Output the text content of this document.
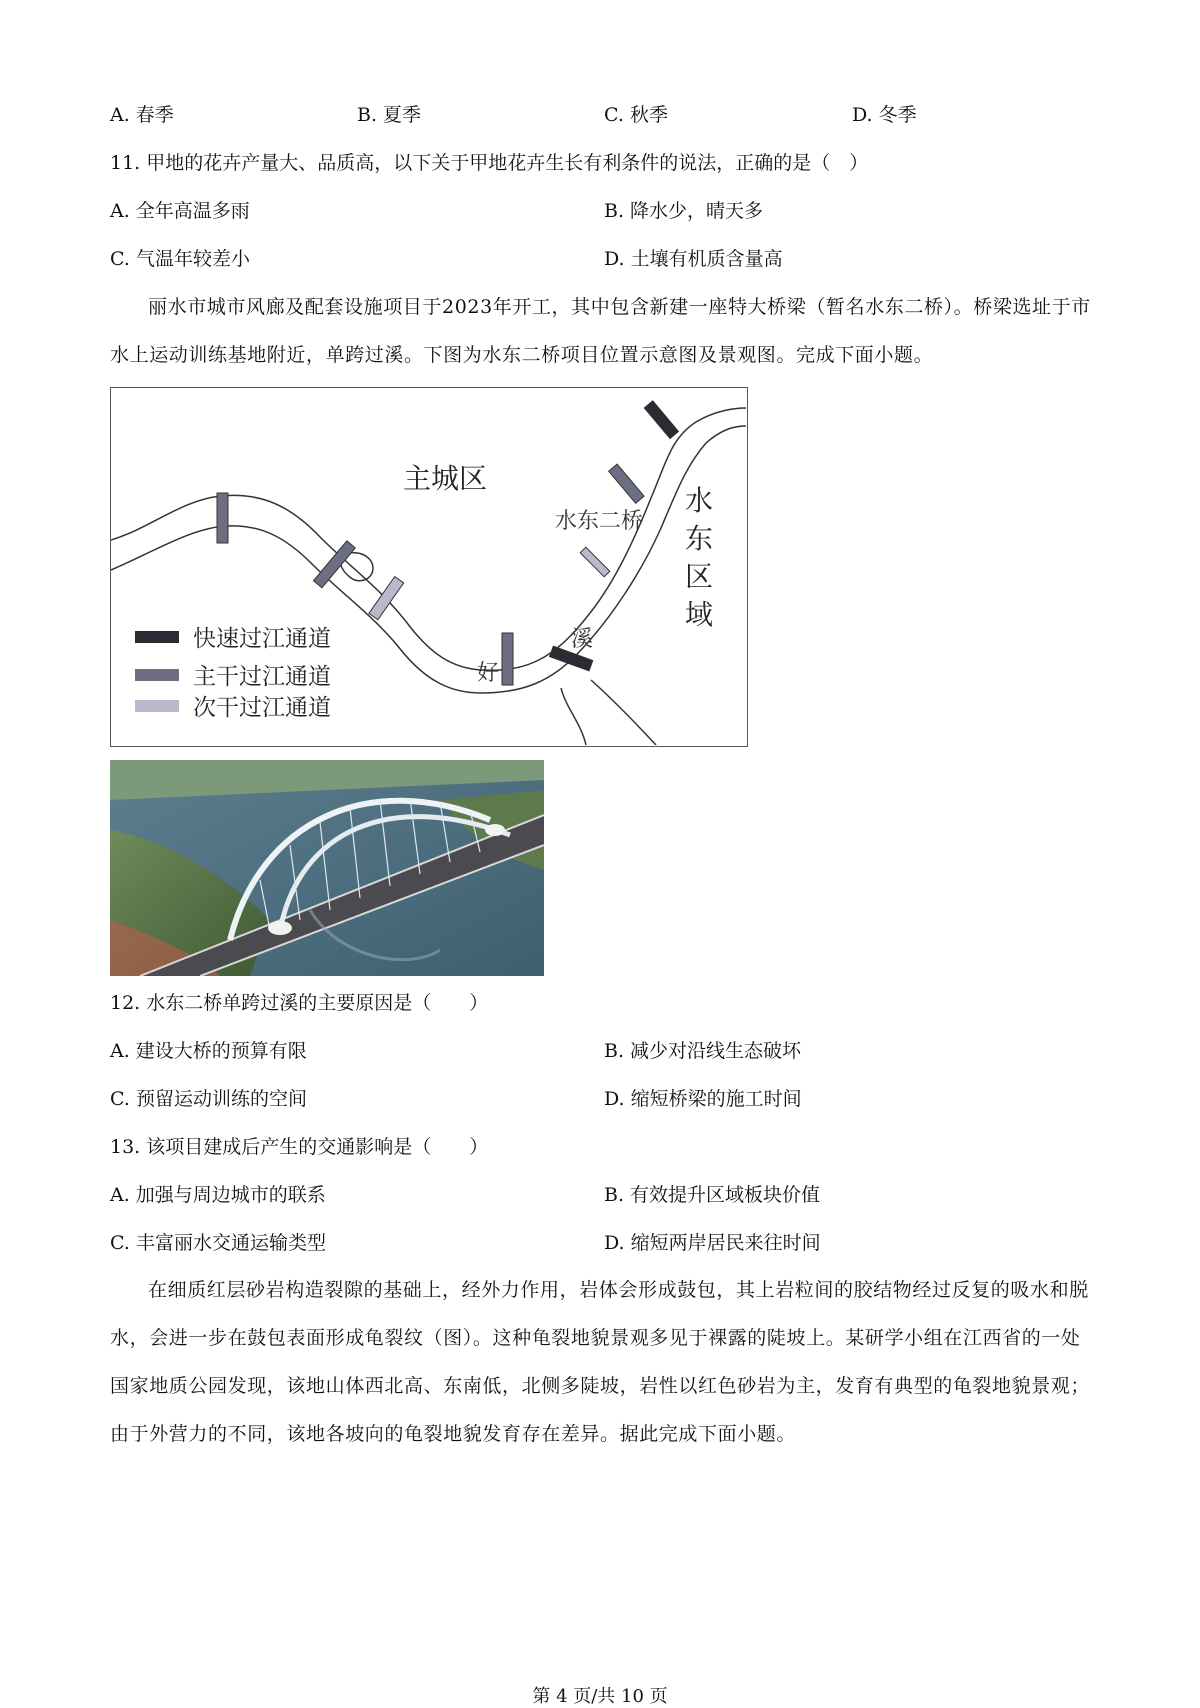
A. 春季	B. 夏季	C. 秋季	D. 冬季
11. 甲地的花卉产量大、品质高，以下关于甲地花卉生长有利条件的说法，正确的是（　）
A. 全年高温多雨	B. 降水少，晴天多
C. 气温年较差小	D. 土壤有机质含量高
丽水市城市风廊及配套设施项目于2023年开工，其中包含新建一座特大桥梁（暂名水东二桥）。桥梁选址于市水上运动训练基地附近，单跨过溪。下图为水东二桥项目位置示意图及景观图。完成下面小题。
主城区
水东二桥
水
东
区
域
好
溪
快速过江通道
主干过江通道
次干过江通道
12. 水东二桥单跨过溪的主要原因是（　　）
A. 建设大桥的预算有限	B. 减少对沿线生态破坏
C. 预留运动训练的空间	D. 缩短桥梁的施工时间
13. 该项目建成后产生的交通影响是（　　）
A. 加强与周边城市的联系	B. 有效提升区域板块价值
C. 丰富丽水交通运输类型	D. 缩短两岸居民来往时间
在细质红层砂岩构造裂隙的基础上，经外力作用，岩体会形成鼓包，其上岩粒间的胶结物经过反复的吸水和脱水，会进一步在鼓包表面形成龟裂纹（图）。这种龟裂地貌景观多见于裸露的陡坡上。某研学小组在江西省的一处国家地质公园发现，该地山体西北高、东南低，北侧多陡坡，岩性以红色砂岩为主，发育有典型的龟裂地貌景观；由于外营力的不同，该地各坡向的龟裂地貌发育存在差异。据此完成下面小题。
第 4 页/共 10 页
